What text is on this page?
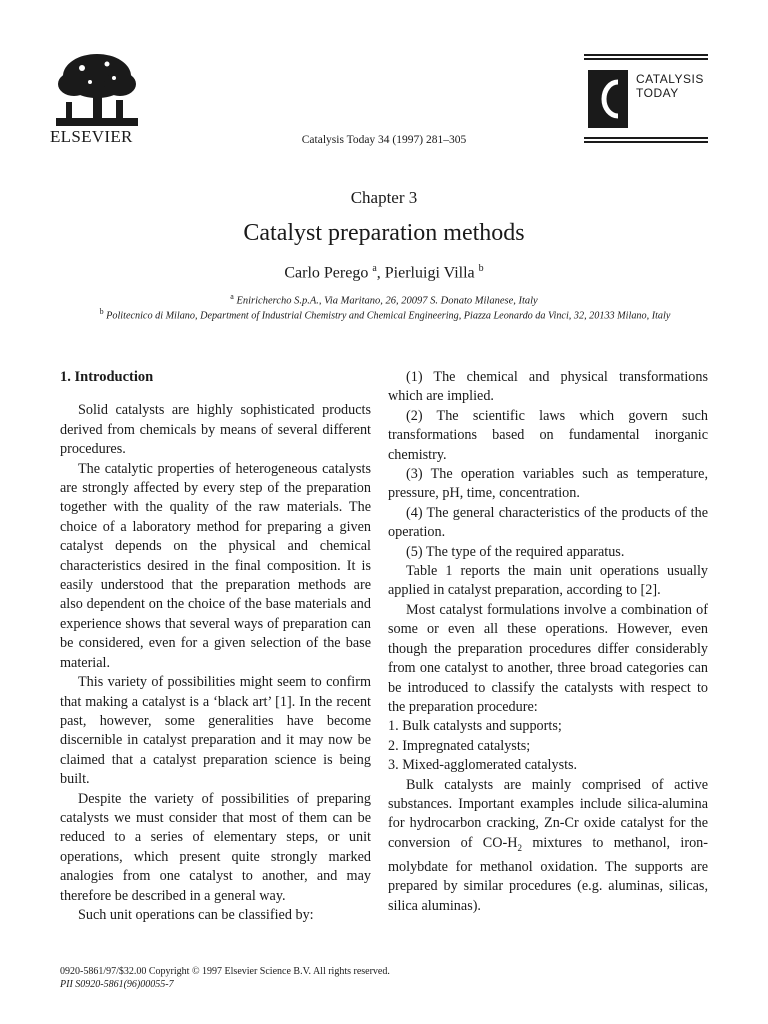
ELSEVIER	Catalysis Today 34 (1997) 281–305
CATALYSIS
TODAY
Chapter 3
Catalyst preparation methods
Carlo Perego $^a$, Pierluigi Villa $^b$
$^a$ Enirichercho S.p.A., Via Maritano, 26, 20097 S. Donato Milanese, Italy
$^b$ Politecnico di Milano, Department of Industrial Chemistry and Chemical Engineering, Piazza Leonardo da Vinci, 32, 20133 Milano, Italy
1. Introduction

Solid catalysts are highly sophisticated products derived from chemicals by means of several different procedures.

The catalytic properties of heterogeneous catalysts are strongly affected by every step of the preparation together with the quality of the raw materials. The choice of a laboratory method for preparing a given catalyst depends on the physical and chemical characteristics desired in the final composition. It is easily understood that the preparation methods are also dependent on the choice of the base materials and experience shows that several ways of preparation can be considered, even for a given selection of the base material.

This variety of possibilities might seem to confirm that making a catalyst is a ‘black art’ [1]. In the recent past, however, some generalities have become discernible in catalyst preparation and it may now be claimed that a catalyst preparation science is being built.

Despite the variety of possibilities of preparing catalysts we must consider that most of them can be reduced to a series of elementary steps, or unit operations, which present quite strongly marked analogies from one catalyst to another, and may therefore be described in a general way.

Such unit operations can be classified by:

(1) The chemical and physical transformations which are implied.

(2) The scientific laws which govern such transformations based on fundamental inorganic chemistry.

(3) The operation variables such as temperature, pressure, pH, time, concentration.

(4) The general characteristics of the products of the operation.

(5) The type of the required apparatus.

Table 1 reports the main unit operations usually applied in catalyst preparation, according to [2].

Most catalyst formulations involve a combination of some or even all these operations. However, even though the preparation procedures differ considerably from one catalyst to another, three broad categories can be introduced to classify the catalysts with respect to the preparation procedure:

1. Bulk catalysts and supports;
2. Impregnated catalysts;
3. Mixed-agglomerated catalysts.

Bulk catalysts are mainly comprised of active substances. Important examples include silica-alumina for hydrocarbon cracking, Zn-Cr oxide catalyst for the conversion of $CO-H_2$ mixtures to methanol, iron-molybdate for methanol oxidation. The supports are prepared by similar procedures (e.g. aluminas, silicas, silica aluminas).

0920-5861/97/$32.00 Copyright © 1997 Elsevier Science B.V. All rights reserved.
PII S0920-5861(96)00055-7
